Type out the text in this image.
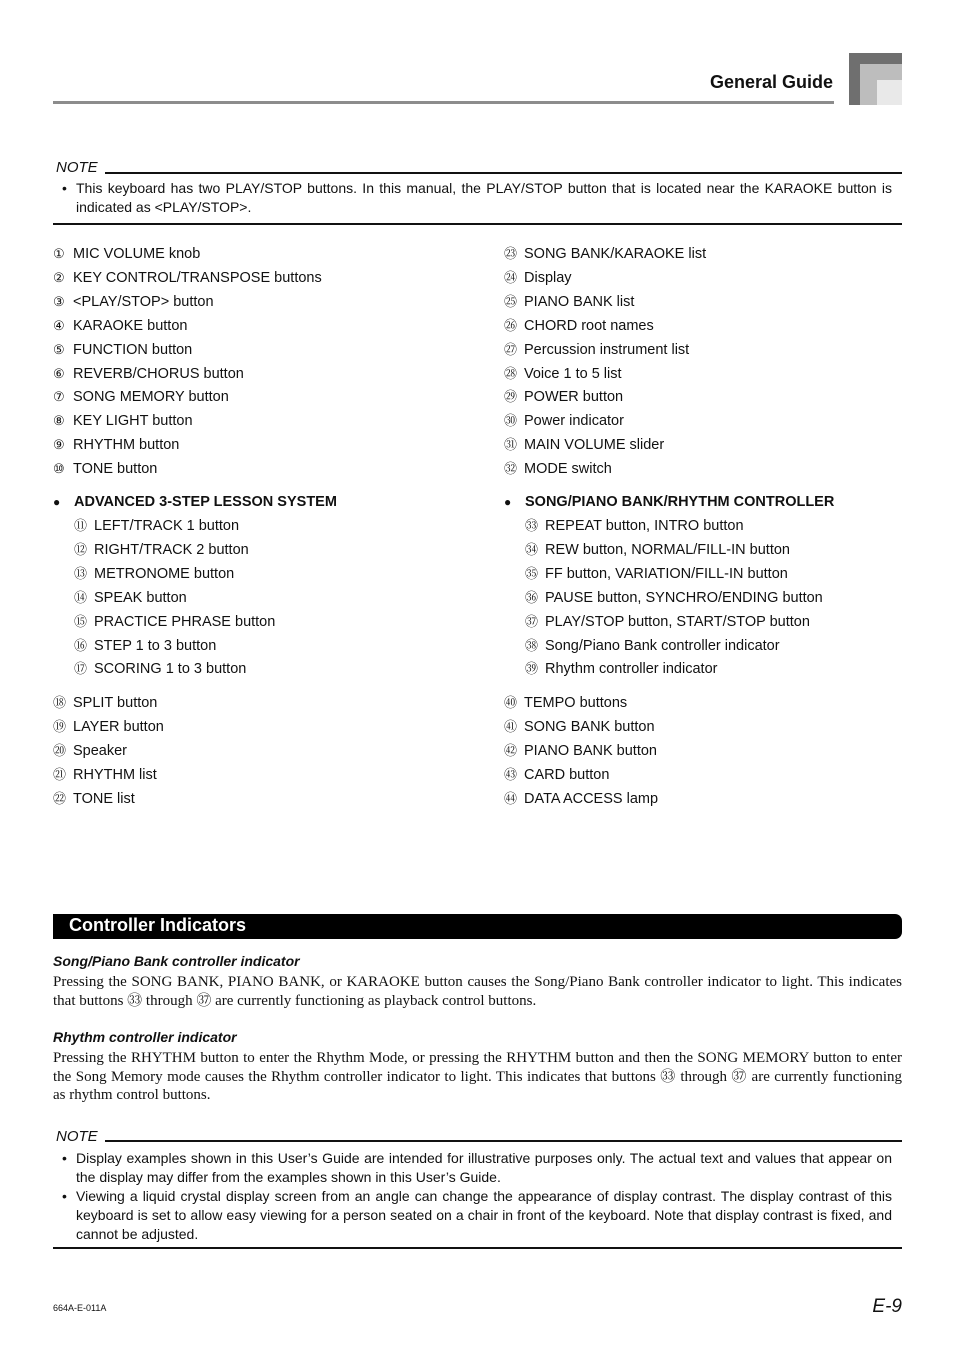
General Guide
NOTE
• This keyboard has two PLAY/STOP buttons. In this manual, the PLAY/STOP button that is located near the KARAOKE button is indicated as <PLAY/STOP>.
① MIC VOLUME knob
② KEY CONTROL/TRANSPOSE buttons
③ <PLAY/STOP> button
④ KARAOKE button
⑤ FUNCTION button
⑥ REVERB/CHORUS button
⑦ SONG MEMORY button
⑧ KEY LIGHT button
⑨ RHYTHM button
⑩ TONE button
● ADVANCED 3-STEP LESSON SYSTEM
⑪ LEFT/TRACK 1 button
⑫ RIGHT/TRACK 2 button
⑬ METRONOME button
⑭ SPEAK button
⑮ PRACTICE PHRASE button
⑯ STEP 1 to 3 button
⑰ SCORING 1 to 3 button
⑱ SPLIT button
⑲ LAYER button
⑳ Speaker
㉑ RHYTHM list
㉒ TONE list
㉓ SONG BANK/KARAOKE list
㉔ Display
㉕ PIANO BANK list
㉖ CHORD root names
㉗ Percussion instrument list
㉘ Voice 1 to 5 list
㉙ POWER button
㉚ Power indicator
㉛ MAIN VOLUME slider
㉜ MODE switch
● SONG/PIANO BANK/RHYTHM CONTROLLER
㉝ REPEAT button, INTRO button
㉞ REW button, NORMAL/FILL-IN button
㉟ FF button, VARIATION/FILL-IN button
㊱ PAUSE button, SYNCHRO/ENDING button
㊲ PLAY/STOP button, START/STOP button
㊳ Song/Piano Bank controller indicator
㊴ Rhythm controller indicator
㊵ TEMPO buttons
㊶ SONG BANK button
㊷ PIANO BANK button
㊸ CARD button
㊹ DATA ACCESS lamp
Controller Indicators
Song/Piano Bank controller indicator
Pressing the SONG BANK, PIANO BANK, or KARAOKE button causes the Song/Piano Bank controller indicator to light. This indicates that buttons ㉝ through ㊲ are currently functioning as playback control buttons.
Rhythm controller indicator
Pressing the RHYTHM button to enter the Rhythm Mode, or pressing the RHYTHM button and then the SONG MEMORY button to enter the Song Memory mode causes the Rhythm controller indicator to light. This indicates that buttons ㉝ through ㊲ are currently functioning as rhythm control buttons.
NOTE
• Display examples shown in this User’s Guide are intended for illustrative purposes only. The actual text and values that appear on the display may differ from the examples shown in this User’s Guide.
• Viewing a liquid crystal display screen from an angle can change the appearance of display contrast. The display contrast of this keyboard is set to allow easy viewing for a person seated on a chair in front of the keyboard. Note that display contrast is fixed, and cannot be adjusted.
664A-E-011A	E-9
